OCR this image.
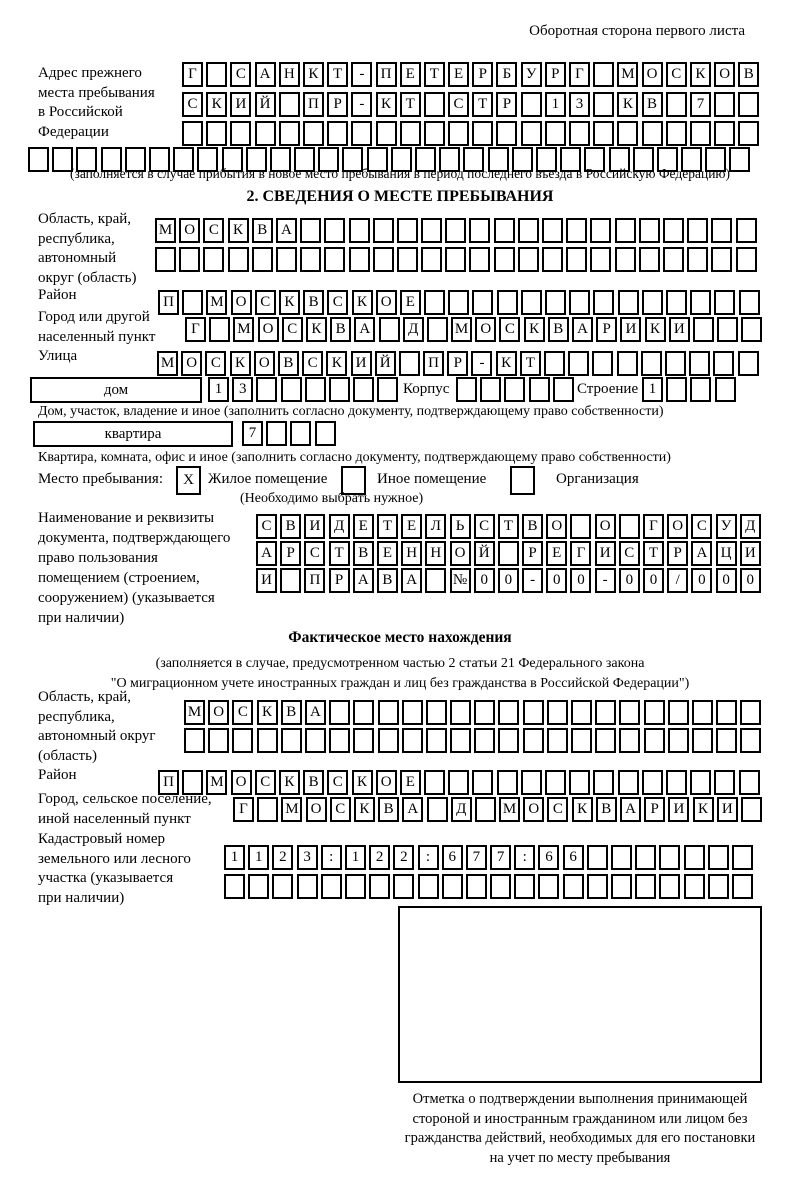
Оборотная сторона первого листа
Адрес прежнего
места пребывания
в Российской
Федерации
Г	С А Н К Т	-	П Е	Т	Е	Р	Б У Р	Г	М О С К О В
С К И Й	П Р	-	К Т	С Т	Р	1	3	К В	7
(заполняется в случае прибытия в новое место пребывания в период последнего въезда в Российскую Федерацию)
2. СВЕДЕНИЯ О МЕСТЕ ПРЕБЫВАНИЯ
Область, край,
республика,
автономный
округ (область)
М О С К В А
Район	П	М О С К В С К О Е
Город или другой
населенный пункт	Г	М О С К В А	Д	М О С К В А Р И К И
Улица	М О С К О В С К И Й	П Р	-	К Т
дом	1	3	Корпус	Строение 1
Дом, участок, владение и иное (заполнить согласно документу, подтверждающему право собственности)
квартира	7
Квартира, комната, офис и иное (заполнить согласно документу, подтверждающему право собственности)
Место пребывания:	X Жилое помещение	Иное помещение	Организация
(Необходимо выбрать нужное)
Наименование и реквизиты
документа, подтверждающего
право пользования
помещением (строением,
сооружением) (указывается
при наличии)
С В И Д Е	Т	Е Л Ь С Т В О	О	Г О С У Д
А Р	С Т В Е Н Н О Й	Р	Е	Г И С Т	Р А Ц И
И	П Р А В А	№ 0	0	-	0	0	-	0	0	/	0	0	0
Фактическое место нахождения
(заполняется в случае, предусмотренном частью 2 статьи 21 Федерального закона
"О миграционном учете иностранных граждан и лиц без гражданства в Российской Федерации")
Область, край,
республика,
автономный округ
(область)
М О С К В А
Район	П	М О С К В С К О Е
Город, сельское поселение,
иной населенный пункт
Г	М О С К В А	Д	М О С К В А Р И К И
Кадастровый номер
земельного или лесного
участка (указывается
при наличии)
1	1	2	3	:	1	2	2	:	6	7	7	:	6	6
Отметка о подтверждении выполнения принимающей
стороной и иностранным гражданином или лицом без
гражданства действий, необходимых для его постановки
на учет по месту пребывания
